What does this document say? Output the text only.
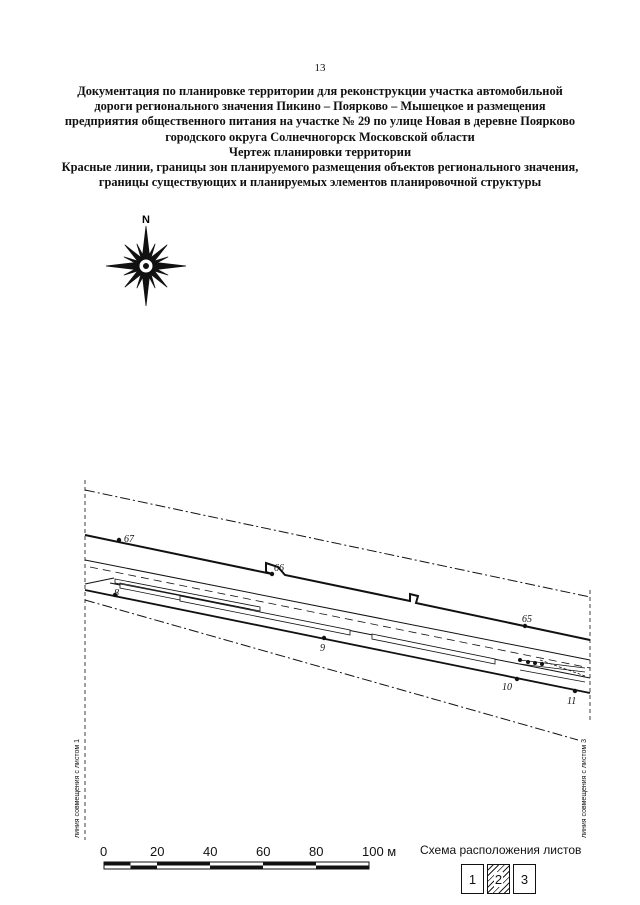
13
Документация по планировке территории для реконструкции участка автомобильной
дороги регионального значения Пикино – Поярково – Мышецкое и размещения
предприятия общественного питания на участке № 29 по улице Новая в деревне Поярково
городского округа Солнечногорск Московской области
Чертеж планировки территории
Красные линии, границы зон планируемого размещения объектов регионального значения,
границы существующих и планируемых элементов планировочной структуры
N
67
66
65
8
9
10
11
линия совмещения с листом 1	линия совмещения с листом 3
0	20	40	60	80	100 м Схема расположения листов
1	2	3
